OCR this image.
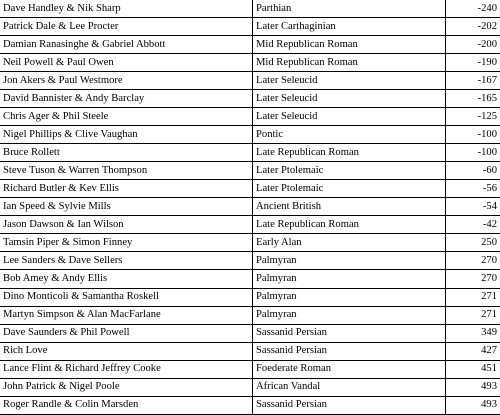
Dave Handley & Nik Sharp	Parthian	-240
Patrick Dale & Lee Procter	Later Carthaginian	-202
Damian Ranasinghe & Gabriel Abbott	Mid Republican Roman	-200
Neil Powell & Paul Owen	Mid Republican Roman	-190
Jon Akers & Paul Westmore	Later Seleucid	-167
David Bannister & Andy Barclay	Later Seleucid	-165
Chris Ager & Phil Steele	Later Seleucid	-125
Nigel Phillips & Clive Vaughan	Pontic	-100
Bruce Rollett	Late Republican Roman	-100
Steve Tuson & Warren Thompson	Later Ptolemaic	-60
Richard Butler & Kev Ellis	Later Ptolemaic	-56
Ian Speed & Sylvie Mills	Ancient British	-54
Jason Dawson & Ian Wilson	Late Republican Roman	-42
Tamsin Piper & Simon Finney	Early Alan	250
Lee Sanders & Dave Sellers	Palmyran	270
Bob Amey & Andy Ellis	Palmyran	270
Dino Monticoli & Samantha Roskell	Palmyran	271
Martyn Simpson & Alan MacFarlane	Palmyran	271
Dave Saunders & Phil Powell	Sassanid Persian	349
Rich Love	Sassanid Persian	427
Lance Flint & Richard Jeffrey Cooke	Foederate Roman	451
John Patrick & Nigel Poole	African Vandal	493
Roger Randle & Colin Marsden	Sassanid Persian	493
